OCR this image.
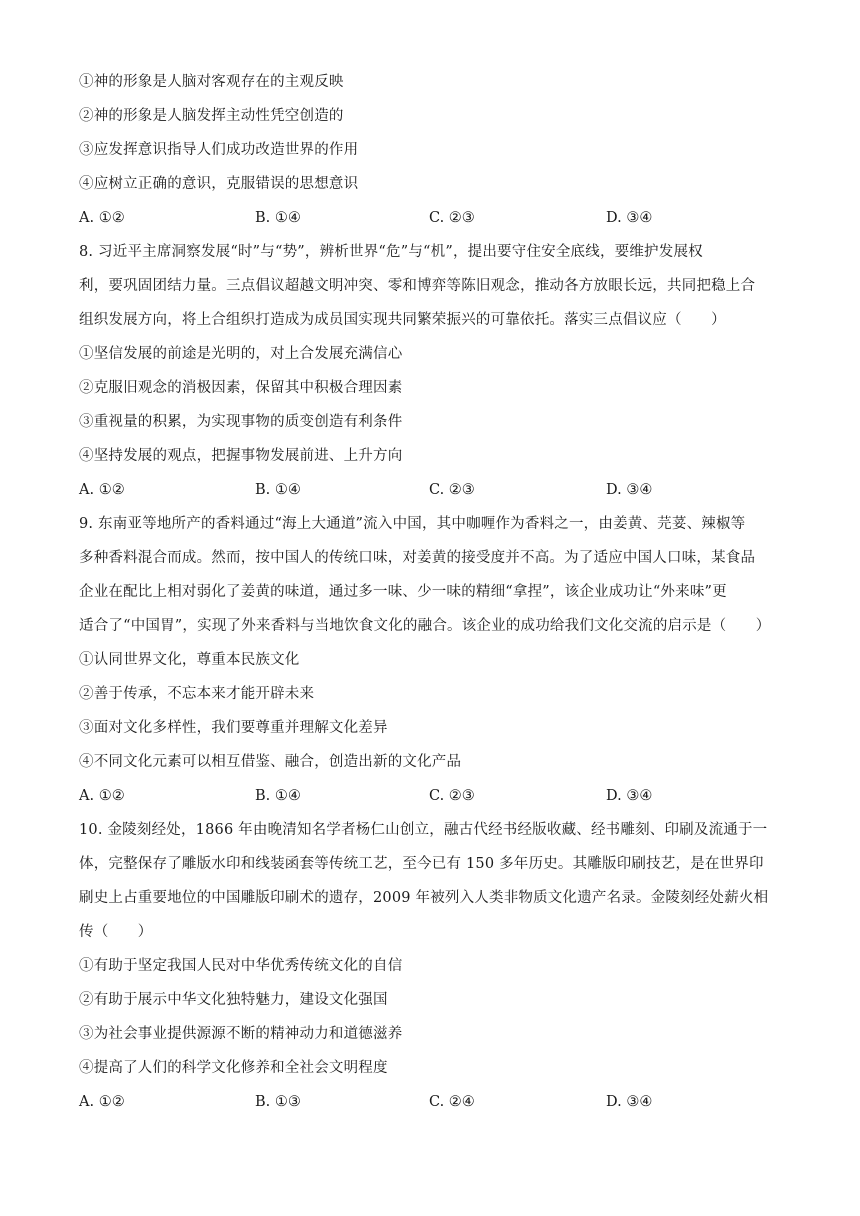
①神的形象是人脑对客观存在的主观反映
②神的形象是人脑发挥主动性凭空创造的
③应发挥意识指导人们成功改造世界的作用
④应树立正确的意识，克服错误的思想意识
A. ①②	B. ①④	C. ②③	D. ③④
8. 习近平主席洞察发展“时”与“势”，辨析世界“危”与“机”，提出要守住安全底线，要维护发展权
利，要巩固团结力量。三点倡议超越文明冲突、零和博弈等陈旧观念，推动各方放眼长远，共同把稳上合
组织发展方向，将上合组织打造成为成员国实现共同繁荣振兴的可靠依托。落实三点倡议应（　　）
①坚信发展的前途是光明的，对上合发展充满信心
②克服旧观念的消极因素，保留其中积极合理因素
③重视量的积累，为实现事物的质变创造有利条件
④坚持发展的观点，把握事物发展前进、上升方向
A. ①②	B. ①④	C. ②③	D. ③④
9. 东南亚等地所产的香料通过“海上大通道”流入中国，其中咖喱作为香料之一，由姜黄、芫荽、辣椒等
多种香料混合而成。然而，按中国人的传统口味，对姜黄的接受度并不高。为了适应中国人口味，某食品
企业在配比上相对弱化了姜黄的味道，通过多一味、少一味的精细“拿捏”，该企业成功让“外来味”更
适合了“中国胃”，实现了外来香料与当地饮食文化的融合。该企业的成功给我们文化交流的启示是（　　）
①认同世界文化，尊重本民族文化
②善于传承，不忘本来才能开辟未来
③面对文化多样性，我们要尊重并理解文化差异
④不同文化元素可以相互借鉴、融合，创造出新的文化产品
A. ①②	B. ①④	C. ②③	D. ③④
10. 金陵刻经处，1866 年由晚清知名学者杨仁山创立，融古代经书经版收藏、经书雕刻、印刷及流通于一
体，完整保存了雕版水印和线装函套等传统工艺，至今已有 150 多年历史。其雕版印刷技艺，是在世界印
刷史上占重要地位的中国雕版印刷术的遗存，2009 年被列入人类非物质文化遗产名录。金陵刻经处薪火相
传（　　）
①有助于坚定我国人民对中华优秀传统文化的自信
②有助于展示中华文化独特魅力，建设文化强国
③为社会事业提供源源不断的精神动力和道德滋养
④提高了人们的科学文化修养和全社会文明程度
A. ①②	B. ①③	C. ②④	D. ③④
